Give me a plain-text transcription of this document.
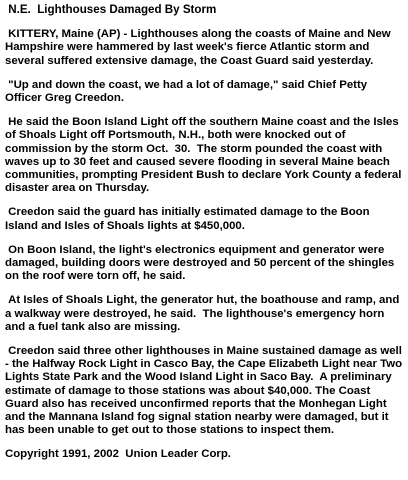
N.E.  Lighthouses Damaged By Storm

KITTERY, Maine (AP) - Lighthouses along the coasts of Maine and New Hampshire were hammered by last week's fierce Atlantic storm and several suffered extensive damage, the Coast Guard said yesterday.

"Up and down the coast, we had a lot of damage," said Chief Petty Officer Greg Creedon.

He said the Boon Island Light off the southern Maine coast and the Isles of Shoals Light off Portsmouth, N.H., both were knocked out of commission by the storm Oct.  30.  The storm pounded the coast with waves up to 30 feet and caused severe flooding in several Maine beach communities, prompting President Bush to declare York County a federal disaster area on Thursday.

Creedon said the guard has initially estimated damage to the Boon Island and Isles of Shoals lights at $450,000.

On Boon Island, the light's electronics equipment and generator were damaged, building doors were destroyed and 50 percent of the shingles on the roof were torn off, he said.

At Isles of Shoals Light, the generator hut, the boathouse and ramp, and a walkway were destroyed, he said.  The lighthouse's emergency horn and a fuel tank also are missing.

Creedon said three other lighthouses in Maine sustained damage as well  - the Halfway Rock Light in Casco Bay, the Cape Elizabeth Light near Two Lights State Park and the Wood Island Light in Saco Bay.  A preliminary estimate of damage to those stations was about $40,000. The Coast Guard also has received unconfirmed reports that the Monhegan Light and the Mannana Island fog signal station nearby were damaged, but it has been unable to get out to those stations to inspect them.

Copyright 1991, 2002  Union Leader Corp.
